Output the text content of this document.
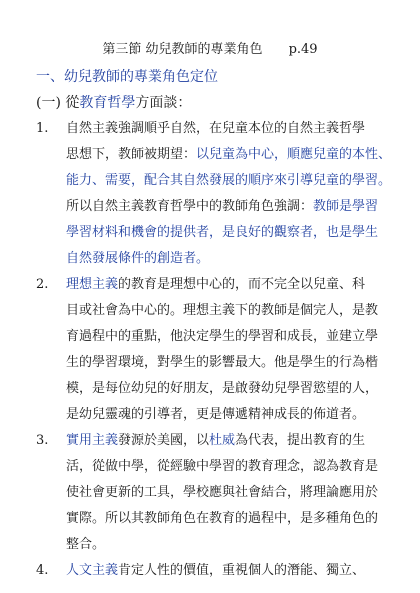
第三節 幼兒教師的專業角色 p.49
一、幼兒教師的專業角色定位
(一) 從教育哲學方面談：
1. 自然主義強調順乎自然，在兒童本位的自然主義哲學
思想下，教師被期望：以兒童為中心，順應兒童的本性、
能力、需要，配合其自然發展的順序來引導兒童的學習。
所以自然主義教育哲學中的教師角色強調：教師是學習
學習材料和機會的提供者，是良好的觀察者，也是學生
自然發展條件的創造者。
2. 理想主義的教育是理想中心的，而不完全以兒童、科
目或社會為中心的。理想主義下的教師是個完人，是教
育過程中的重點，他決定學生的學習和成長，並建立學
生的學習環境，對學生的影響最大。他是學生的行為楷
模，是每位幼兒的好朋友，是啟發幼兒學習慾望的人，
是幼兒靈魂的引導者，更是傳遞精神成長的佈道者。
3. 實用主義發源於美國，以杜威為代表，提出教育的生
活，從做中學，從經驗中學習的教育理念，認為教育是
使社會更新的工具，學校應與社會結合，將理論應用於
實際。所以其教師角色在教育的過程中，是多種角色的
整合。
4. 人文主義肯定人性的價值，重視個人的潛能、獨立、
